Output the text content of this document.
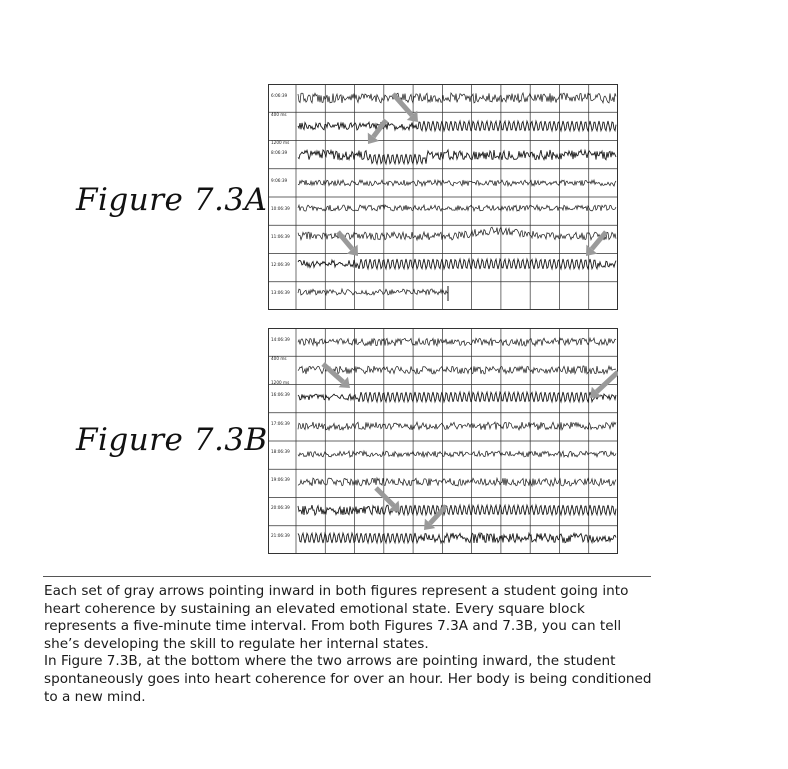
Figure 7.3A
Figure 7.3B
6:06:39
400 ms
1200 ms
8:06:39
9:06:39
10:06:39
11:06:39
12:06:39
13:06:39
14:06:39
400 ms
1200 ms
16:06:39
17:06:39
18:06:39
19:06:39
20:06:39
21:06:39

Each set of gray arrows pointing inward in both figures represent a student going into heart coherence by sustaining an elevated emotional state. Every square block represents a five-minute time interval. From both Figures 7.3A and 7.3B, you can tell she’s developing the skill to regulate her internal states.

In Figure 7.3B, at the bottom where the two arrows are pointing inward, the student spontaneously goes into heart coherence for over an hour. Her body is being conditioned to a new mind.
